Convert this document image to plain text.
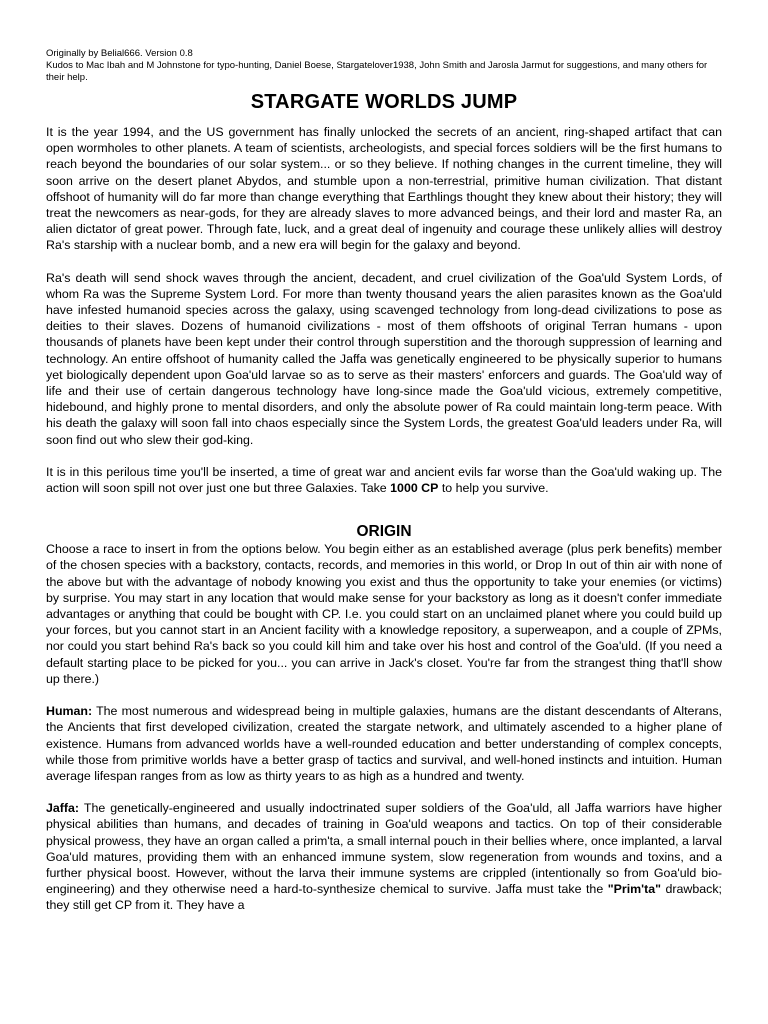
Originally by Belial666. Version 0.8

Kudos to Mac Ibah and M Johnstone for typo-hunting, Daniel Boese, Stargatelover1938, John Smith and Jarosla Jarmut for suggestions, and many others for their help.

STARGATE WORLDS JUMP

It is the year 1994, and the US government has finally unlocked the secrets of an ancient, ring-shaped artifact that can open wormholes to other planets. A team of scientists, archeologists, and special forces soldiers will be the first humans to reach beyond the boundaries of our solar system... or so they believe. If nothing changes in the current timeline, they will soon arrive on the desert planet Abydos, and stumble upon a non-terrestrial, primitive human civilization. That distant offshoot of humanity will do far more than change everything that Earthlings thought they knew about their history; they will treat the newcomers as near-gods, for they are already slaves to more advanced beings, and their lord and master Ra, an alien dictator of great power. Through fate, luck, and a great deal of ingenuity and courage these unlikely allies will destroy Ra's starship with a nuclear bomb, and a new era will begin for the galaxy and beyond.

Ra's death will send shock waves through the ancient, decadent, and cruel civilization of the Goa'uld System Lords, of whom Ra was the Supreme System Lord. For more than twenty thousand years the alien parasites known as the Goa'uld have infested humanoid species across the galaxy, using scavenged technology from long-dead civilizations to pose as deities to their slaves. Dozens of humanoid civilizations - most of them offshoots of original Terran humans - upon thousands of planets have been kept under their control through superstition and the thorough suppression of learning and technology. An entire offshoot of humanity called the Jaffa was genetically engineered to be physically superior to humans yet biologically dependent upon Goa'uld larvae so as to serve as their masters' enforcers and guards. The Goa'uld way of life and their use of certain dangerous technology have long-since made the Goa'uld vicious, extremely competitive, hidebound, and highly prone to mental disorders, and only the absolute power of Ra could maintain long-term peace. With his death the galaxy will soon fall into chaos especially since the System Lords, the greatest Goa'uld leaders under Ra, will soon find out who slew their god-king.

It is in this perilous time you'll be inserted, a time of great war and ancient evils far worse than the Goa'uld waking up. The action will soon spill not over just one but three Galaxies. Take 1000 CP to help you survive.

ORIGIN

Choose a race to insert in from the options below. You begin either as an established average (plus perk benefits) member of the chosen species with a backstory, contacts, records, and memories in this world, or Drop In out of thin air with none of the above but with the advantage of nobody knowing you exist and thus the opportunity to take your enemies (or victims) by surprise. You may start in any location that would make sense for your backstory as long as it doesn't confer immediate advantages or anything that could be bought with CP. I.e. you could start on an unclaimed planet where you could build up your forces, but you cannot start in an Ancient facility with a knowledge repository, a superweapon, and a couple of ZPMs, nor could you start behind Ra's back so you could kill him and take over his host and control of the Goa'uld. (If you need a default starting place to be picked for you... you can arrive in Jack's closet. You're far from the strangest thing that'll show up there.)

Human: The most numerous and widespread being in multiple galaxies, humans are the distant descendants of Alterans, the Ancients that first developed civilization, created the stargate network, and ultimately ascended to a higher plane of existence. Humans from advanced worlds have a well-rounded education and better understanding of complex concepts, while those from primitive worlds have a better grasp of tactics and survival, and well-honed instincts and intuition. Human average lifespan ranges from as low as thirty years to as high as a hundred and twenty.

Jaffa: The genetically-engineered and usually indoctrinated super soldiers of the Goa'uld, all Jaffa warriors have higher physical abilities than humans, and decades of training in Goa'uld weapons and tactics. On top of their considerable physical prowess, they have an organ called a prim'ta, a small internal pouch in their bellies where, once implanted, a larval Goa'uld matures, providing them with an enhanced immune system, slow regeneration from wounds and toxins, and a further physical boost. However, without the larva their immune systems are crippled (intentionally so from Goa'uld bio-engineering) and they otherwise need a hard-to-synthesize chemical to survive. Jaffa must take the "Prim'ta" drawback; they still get CP from it. They have a
